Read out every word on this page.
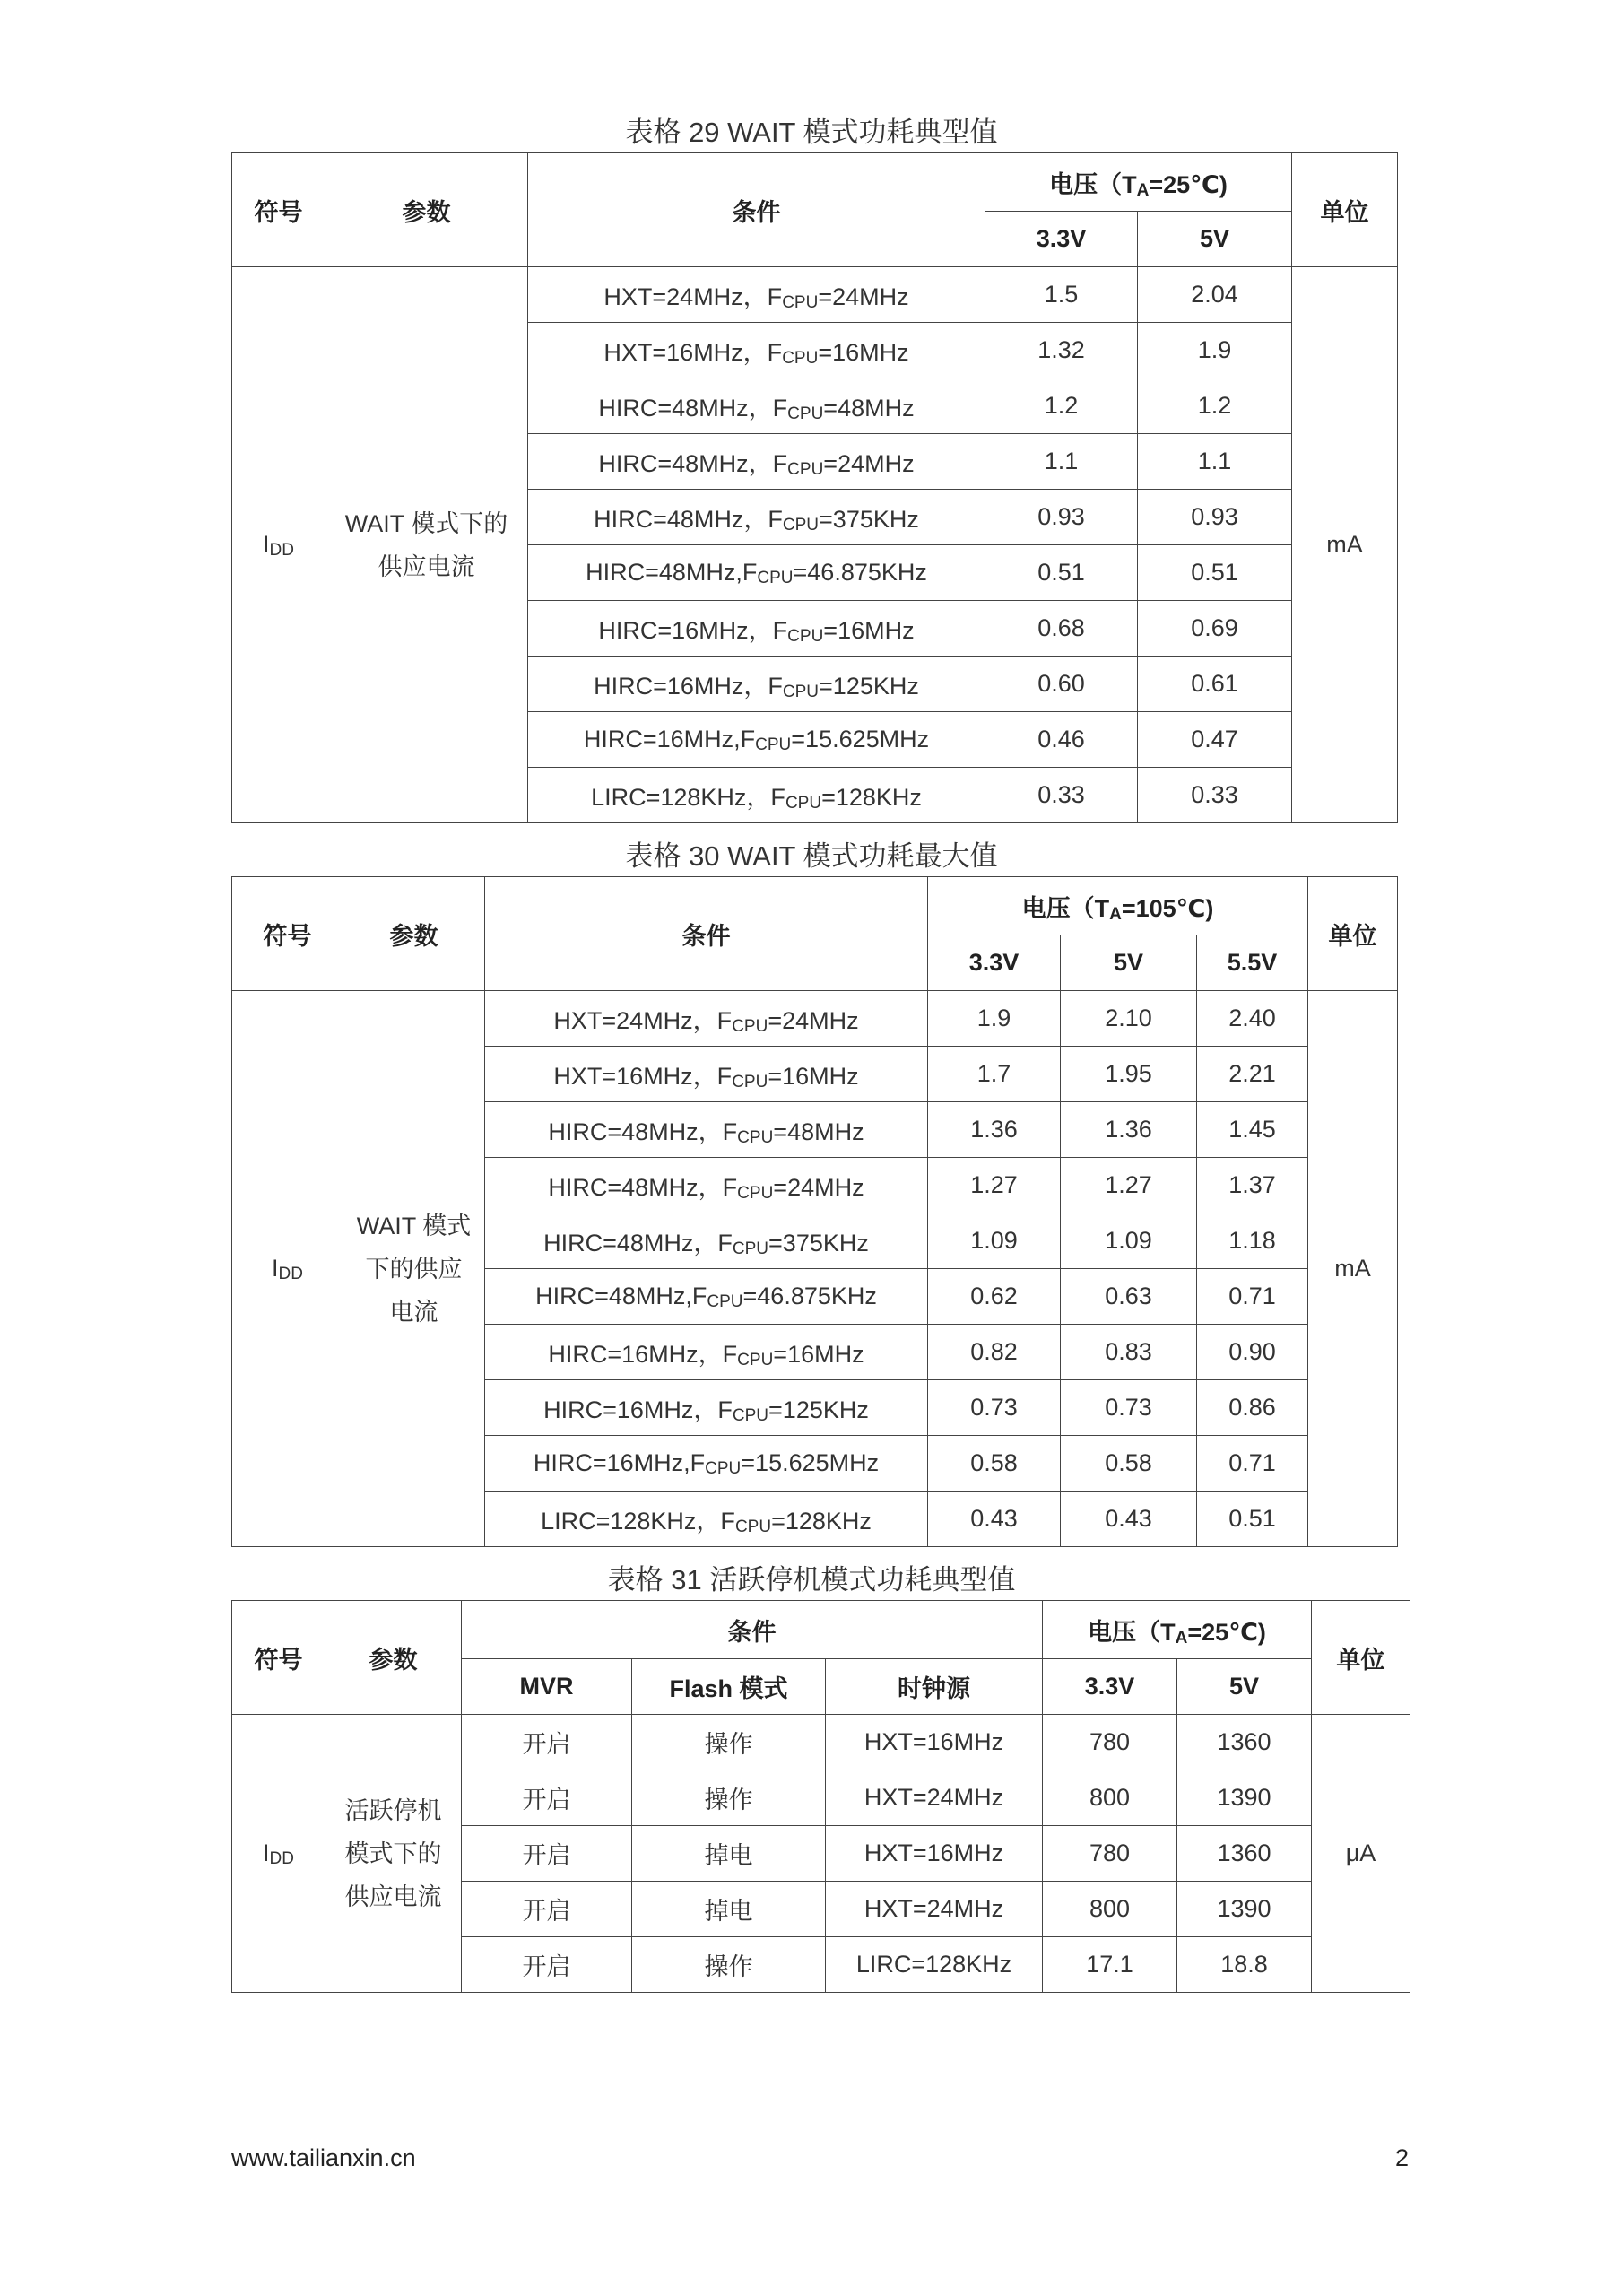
表格 29 WAIT 模式功耗典型值
符号	参数	条件	电压（TA=25℃)		单位
			3.3V	5V	
IDD	WAIT 模式下的
供应电流	HXT=24MHz，FCPU=24MHz	1.5	2.04	mA
		HXT=16MHz，FCPU=16MHz	1.32	1.9	
		HIRC=48MHz，FCPU=48MHz	1.2	1.2	
		HIRC=48MHz，FCPU=24MHz	1.1	1.1	
		HIRC=48MHz，FCPU=375KHz	0.93	0.93	
		HIRC=48MHz,FCPU=46.875KHz	0.51	0.51	
		HIRC=16MHz，FCPU=16MHz	0.68	0.69	
		HIRC=16MHz，FCPU=125KHz	0.60	0.61	
		HIRC=16MHz,FCPU=15.625MHz	0.46	0.47	
		LIRC=128KHz，FCPU=128KHz	0.33	0.33	
表格 30 WAIT 模式功耗最大值
符号	参数	条件	电压（TA=105℃)			单位
			3.3V	5V	5.5V	
IDD	WAIT 模式
下的供应
电流	HXT=24MHz，FCPU=24MHz	1.9	2.10	2.40	mA
		HXT=16MHz，FCPU=16MHz	1.7	1.95	2.21	
		HIRC=48MHz，FCPU=48MHz	1.36	1.36	1.45	
		HIRC=48MHz，FCPU=24MHz	1.27	1.27	1.37	
		HIRC=48MHz，FCPU=375KHz	1.09	1.09	1.18	
		HIRC=48MHz,FCPU=46.875KHz	0.62	0.63	0.71	
		HIRC=16MHz，FCPU=16MHz	0.82	0.83	0.90	
		HIRC=16MHz，FCPU=125KHz	0.73	0.73	0.86	
		HIRC=16MHz,FCPU=15.625MHz	0.58	0.58	0.71	
		LIRC=128KHz，FCPU=128KHz	0.43	0.43	0.51	
表格 31 活跃停机模式功耗典型值
符号	参数	条件			电压（TA=25℃)		单位
		MVR	Flash 模式	时钟源	3.3V	5V	
IDD	活跃停机
模式下的
供应电流	开启	操作	HXT=16MHz	780	1360	μA
		开启	操作	HXT=24MHz	800	1390	
		开启	掉电	HXT=16MHz	780	1360	
		开启	掉电	HXT=24MHz	800	1390	
		开启	操作	LIRC=128KHz	17.1	18.8	
www.tailianxin.cn	2
